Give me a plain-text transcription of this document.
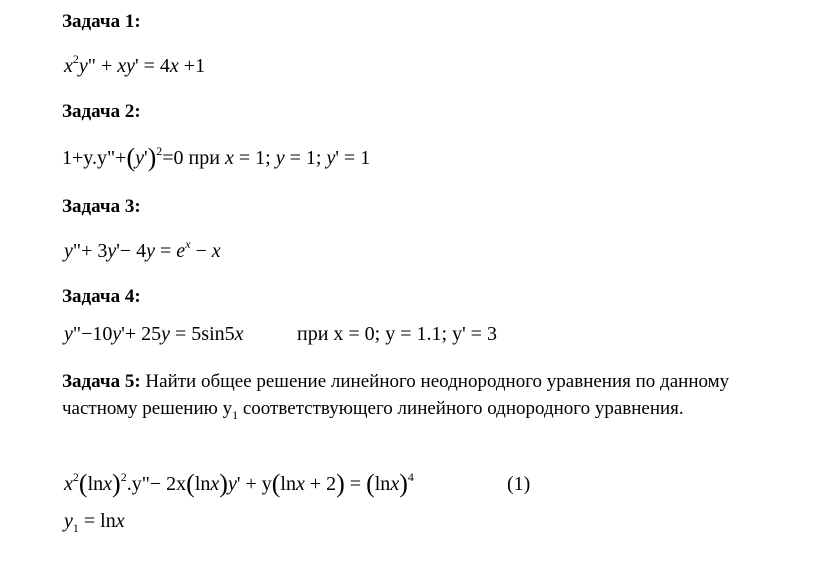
Задача 1:
$x^2y$" + xy' = 4x +1
Задача 2:
$1+y.y"+(y')^2=0$ при x = 1; y = 1; y' = 1
Задача 3:
y"+ $3y'- 4y = e^x - x$
Задача 4:
y"−10y'+ 25y = 5sin5x	при x = 0; y = 1.1; y' = 3
Задача 5: Найти общее решение линейного неоднородного уравнения по данному частному решению $y_1$ соответствующего линейного однородного уравнения.
$x^2(\ln x)^2.y"- 2x(\ln x)y' + y(\ln x + 2) = (\ln x)^4$	(1)
$y_1 = \ln x$
